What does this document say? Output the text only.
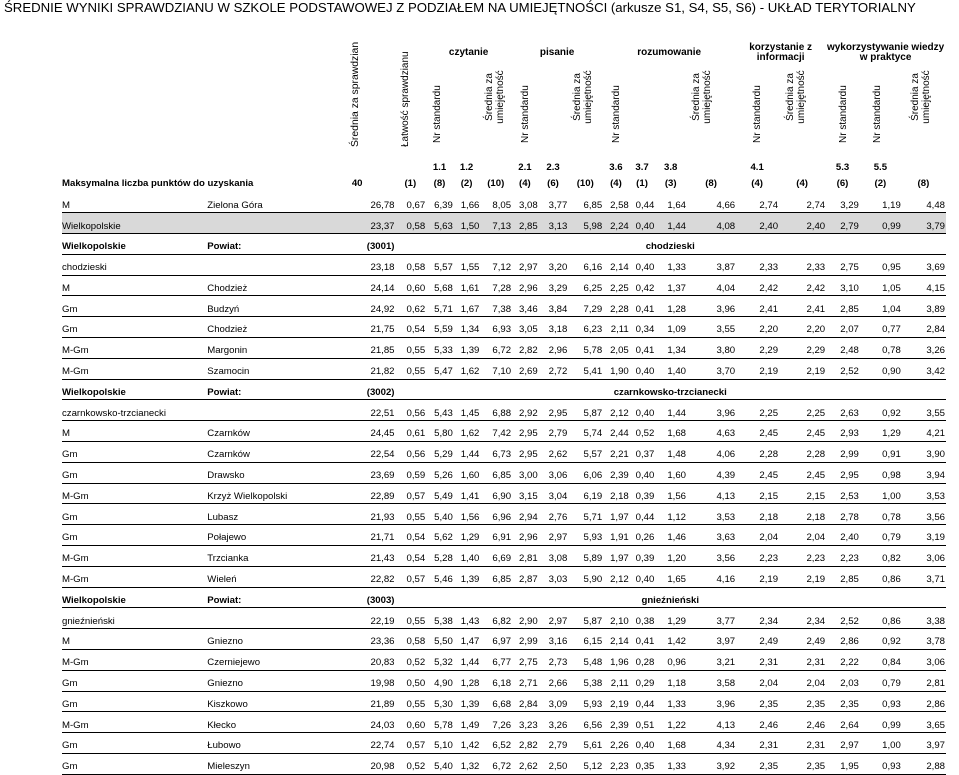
ŚREDNIE WYNIKI SPRAWDZIANU W SZKOLE PODSTAWOWEJ Z PODZIAŁEM NA UMIEJĘTNOŚCI (arkusze S1, S4, S5, S6) - UKŁAD TERYTORIALNY

		Średnia za sprawdzian	Łatwość sprawdzianu	czytanie			pisanie			rozumowanie				korzystanie z informacji		wykorzystywanie wiedzy w praktyce		

				Nr standardu		Średnia za umiejętność	Nr standardu		Średnia za umiejętność	Nr standardu			Średnia za umiejętność	Nr standardu	Średnia za umiejętność	Nr standardu	Nr standardu	Średnia za umiejętność

				1.1	1.2		2.1	2.3		3.6	3.7	3.8		4.1		5.3	5.5	
Maksymalna liczba punktów do uzyskania		40	(1)	(8)	(2)	(10)	(4)	(6)	(10)	(4)	(1)	(3)	(8)	(4)	(4)	(6)	(2)	(8)
M	Zielona Góra	26,78	0,67	6,39	1,66	8,05	3,08	3,77	6,85	2,58	0,44	1,64	4,66	2,74	2,74	3,29	1,19	4,48
Wielkopolskie		23,37	0,58	5,63	1,50	7,13	2,85	3,13	5,98	2,24	0,40	1,44	4,08	2,40	2,40	2,79	0,99	3,79
Wielkopolskie	Powiat:	(3001)	chodzieski															
chodzieski		23,18	0,58	5,57	1,55	7,12	2,97	3,20	6,16	2,14	0,40	1,33	3,87	2,33	2,33	2,75	0,95	3,69
M	Chodzież	24,14	0,60	5,68	1,61	7,28	2,96	3,29	6,25	2,25	0,42	1,37	4,04	2,42	2,42	3,10	1,05	4,15
Gm	Budzyń	24,92	0,62	5,71	1,67	7,38	3,46	3,84	7,29	2,28	0,41	1,28	3,96	2,41	2,41	2,85	1,04	3,89
Gm	Chodzież	21,75	0,54	5,59	1,34	6,93	3,05	3,18	6,23	2,11	0,34	1,09	3,55	2,20	2,20	2,07	0,77	2,84
M-Gm	Margonin	21,85	0,55	5,33	1,39	6,72	2,82	2,96	5,78	2,05	0,41	1,34	3,80	2,29	2,29	2,48	0,78	3,26
M-Gm	Szamocin	21,82	0,55	5,47	1,62	7,10	2,69	2,72	5,41	1,90	0,40	1,40	3,70	2,19	2,19	2,52	0,90	3,42
Wielkopolskie	Powiat:	(3002)	czarnkowsko-trzcianecki															
czarnkowsko-trzcianecki		22,51	0,56	5,43	1,45	6,88	2,92	2,95	5,87	2,12	0,40	1,44	3,96	2,25	2,25	2,63	0,92	3,55
M	Czarnków	24,45	0,61	5,80	1,62	7,42	2,95	2,79	5,74	2,44	0,52	1,68	4,63	2,45	2,45	2,93	1,29	4,21
Gm	Czarnków	22,54	0,56	5,29	1,44	6,73	2,95	2,62	5,57	2,21	0,37	1,48	4,06	2,28	2,28	2,99	0,91	3,90
Gm	Drawsko	23,69	0,59	5,26	1,60	6,85	3,00	3,06	6,06	2,39	0,40	1,60	4,39	2,45	2,45	2,95	0,98	3,94
M-Gm	Krzyż Wielkopolski	22,89	0,57	5,49	1,41	6,90	3,15	3,04	6,19	2,18	0,39	1,56	4,13	2,15	2,15	2,53	1,00	3,53
Gm	Lubasz	21,93	0,55	5,40	1,56	6,96	2,94	2,76	5,71	1,97	0,44	1,12	3,53	2,18	2,18	2,78	0,78	3,56
Gm	Połajewo	21,71	0,54	5,62	1,29	6,91	2,96	2,97	5,93	1,91	0,26	1,46	3,63	2,04	2,04	2,40	0,79	3,19
M-Gm	Trzcianka	21,43	0,54	5,28	1,40	6,69	2,81	3,08	5,89	1,97	0,39	1,20	3,56	2,23	2,23	2,23	0,82	3,06
M-Gm	Wieleń	22,82	0,57	5,46	1,39	6,85	2,87	3,03	5,90	2,12	0,40	1,65	4,16	2,19	2,19	2,85	0,86	3,71
Wielkopolskie	Powiat:	(3003)	gnieźnieński															
gnieźnieński		22,19	0,55	5,38	1,43	6,82	2,90	2,97	5,87	2,10	0,38	1,29	3,77	2,34	2,34	2,52	0,86	3,38
M	Gniezno	23,36	0,58	5,50	1,47	6,97	2,99	3,16	6,15	2,14	0,41	1,42	3,97	2,49	2,49	2,86	0,92	3,78
M-Gm	Czerniejewo	20,83	0,52	5,32	1,44	6,77	2,75	2,73	5,48	1,96	0,28	0,96	3,21	2,31	2,31	2,22	0,84	3,06
Gm	Gniezno	19,98	0,50	4,90	1,28	6,18	2,71	2,66	5,38	2,11	0,29	1,18	3,58	2,04	2,04	2,03	0,79	2,81
Gm	Kiszkowo	21,89	0,55	5,30	1,39	6,68	2,84	3,09	5,93	2,19	0,44	1,33	3,96	2,35	2,35	2,35	0,93	2,86
M-Gm	Kłecko	24,03	0,60	5,78	1,49	7,26	3,23	3,26	6,56	2,39	0,51	1,22	4,13	2,46	2,46	2,64	0,99	3,65
Gm	Łubowo	22,74	0,57	5,10	1,42	6,52	2,82	2,79	5,61	2,26	0,40	1,68	4,34	2,31	2,31	2,97	1,00	3,97
Gm	Mieleszyn	20,98	0,52	5,40	1,32	6,72	2,62	2,50	5,12	2,23	0,35	1,33	3,92	2,35	2,35	1,95	0,93	2,88
